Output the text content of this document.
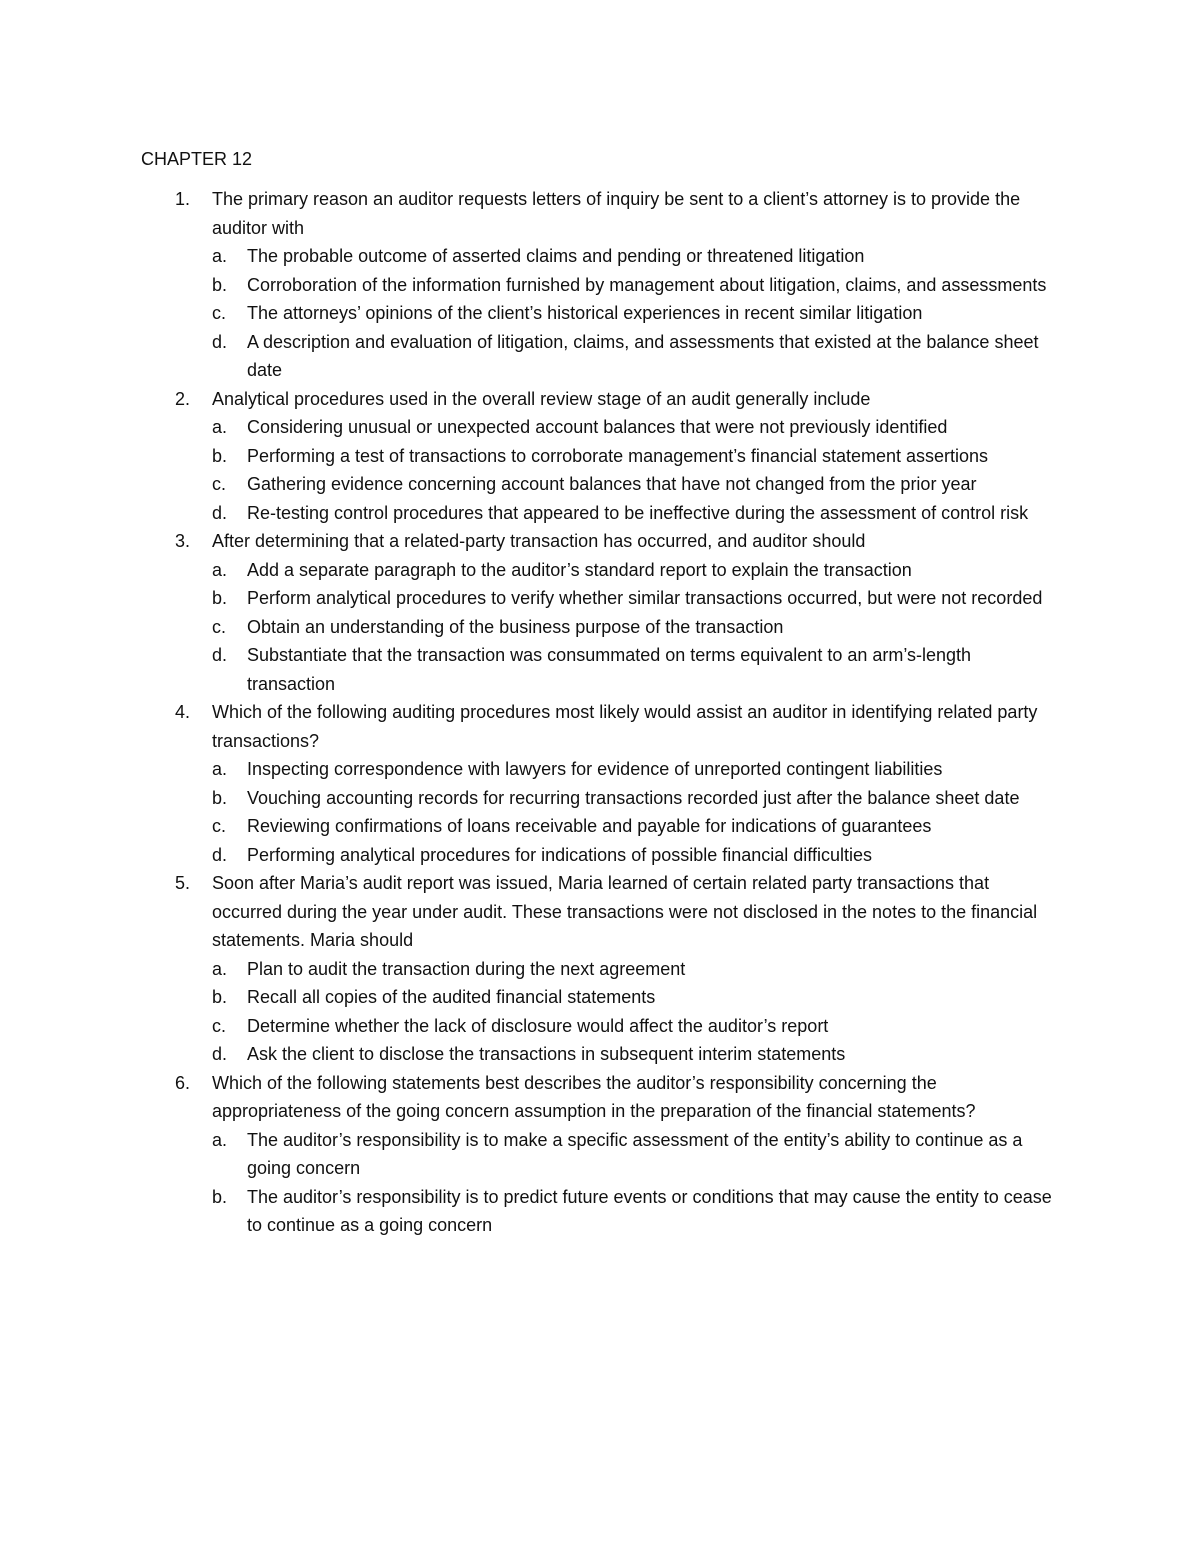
CHAPTER 12

1. The primary reason an auditor requests letters of inquiry be sent to a client’s attorney is to provide the auditor with
a. The probable outcome of asserted claims and pending or threatened litigation
b. Corroboration of the information furnished by management about litigation, claims, and assessments
c. The attorneys’ opinions of the client’s historical experiences in recent similar litigation
d. A description and evaluation of litigation, claims, and assessments that existed at the balance sheet date
2. Analytical procedures used in the overall review stage of an audit generally include
a. Considering unusual or unexpected account balances that were not previously identified
b. Performing a test of transactions to corroborate management’s financial statement assertions
c. Gathering evidence concerning account balances that have not changed from the prior year
d. Re-testing control procedures that appeared to be ineffective during the assessment of control risk
3. After determining that a related-party transaction has occurred, and auditor should
a. Add a separate paragraph to the auditor’s standard report to explain the transaction
b. Perform analytical procedures to verify whether similar transactions occurred, but were not recorded
c. Obtain an understanding of the business purpose of the transaction
d. Substantiate that the transaction was consummated on terms equivalent to an arm’s-length transaction
4. Which of the following auditing procedures most likely would assist an auditor in identifying related party transactions?
a. Inspecting correspondence with lawyers for evidence of unreported contingent liabilities
b. Vouching accounting records for recurring transactions recorded just after the balance sheet date
c. Reviewing confirmations of loans receivable and payable for indications of guarantees
d. Performing analytical procedures for indications of possible financial difficulties
5. Soon after Maria’s audit report was issued, Maria learned of certain related party transactions that occurred during the year under audit. These transactions were not disclosed in the notes to the financial statements. Maria should
a. Plan to audit the transaction during the next agreement
b. Recall all copies of the audited financial statements
c. Determine whether the lack of disclosure would affect the auditor’s report
d. Ask the client to disclose the transactions in subsequent interim statements
6. Which of the following statements best describes the auditor’s responsibility concerning the appropriateness of the going concern assumption in the preparation of the financial statements?
a. The auditor’s responsibility is to make a specific assessment of the entity’s ability to continue as a going concern
b. The auditor’s responsibility is to predict future events or conditions that may cause the entity to cease to continue as a going concern
